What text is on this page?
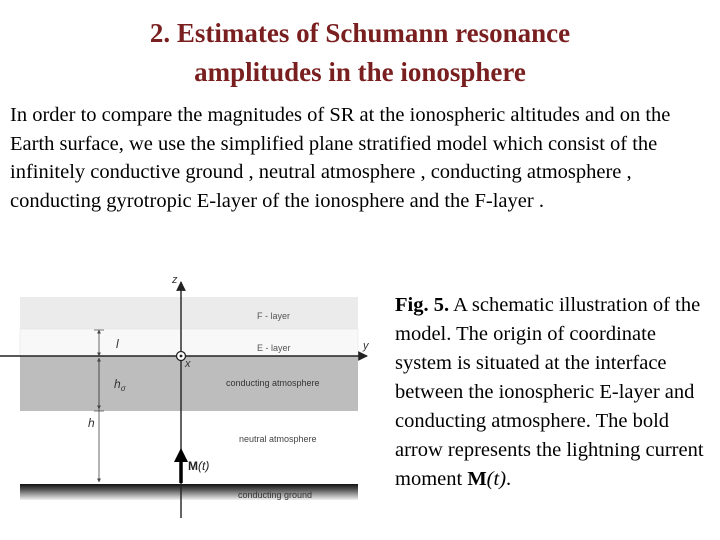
2. Estimates of Schumann resonance
amplitudes in the ionosphere
In order to compare the magnitudes of SR at the ionospheric altitudes and on the Earth surface, we use the simplified plane stratified model which consist of the infinitely conductive ground , neutral atmosphere , conducting atmosphere , conducting gyrotropic E-layer of the ionosphere and the F-layer .
z
y
x
l
$h_\sigma$
h
F - layer
E - layer
conducting atmosphere
neutral atmosphere
conducting ground
M(t)
Fig. 5. A schematic illustration of the model. The origin of coordinate system is situated at the interface between the ionospheric E-layer and conducting atmosphere. The bold arrow represents the lightning current moment M(t).
